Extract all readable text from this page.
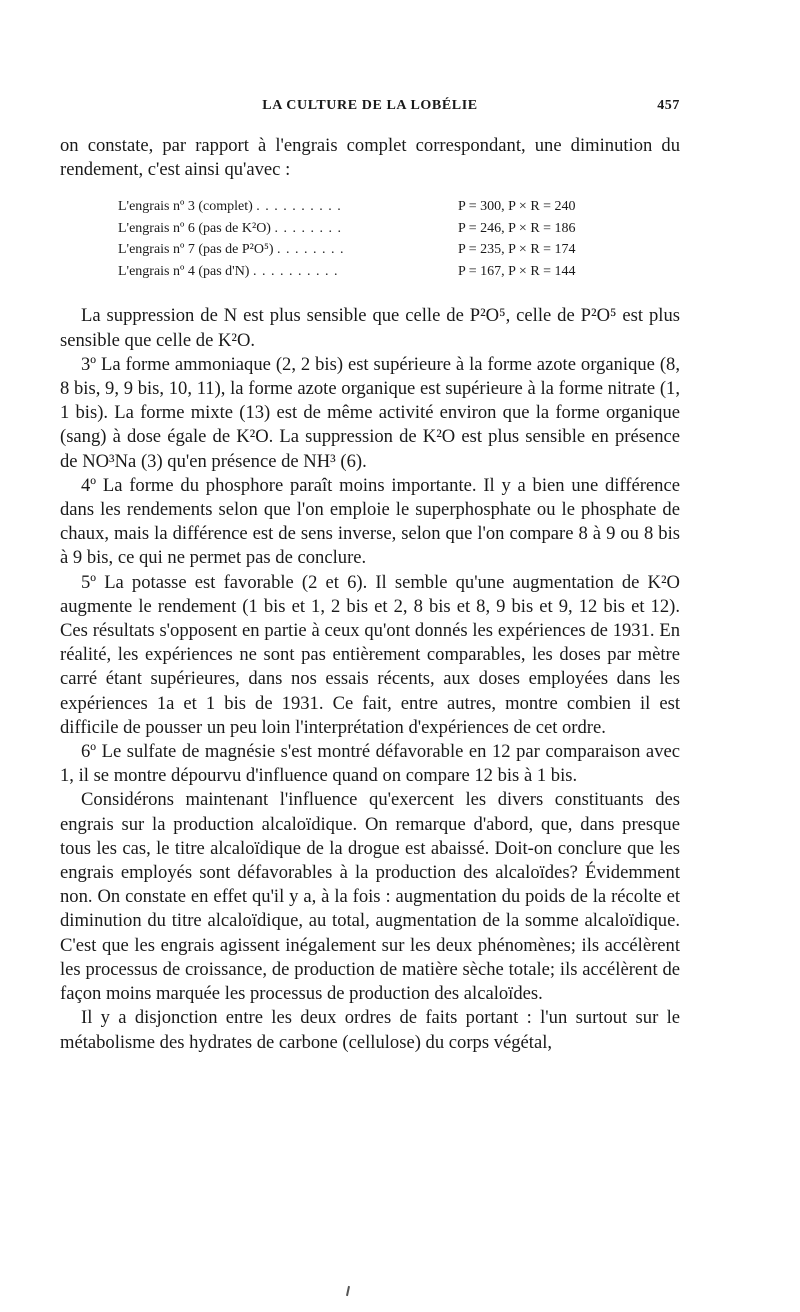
LA CULTURE DE LA LOBÉLIE	457

on constate, par rapport à l'engrais complet correspondant, une diminution du rendement, c'est ainsi qu'avec :

L'engrais nº 3 (complet) . . . . . . . . . .	P = 300, P × R = 240
L'engrais nº 6 (pas de K²O) . . . . . . . .	P = 246, P × R = 186
L'engrais nº 7 (pas de P²O⁵) . . . . . . . .	P = 235, P × R = 174
L'engrais nº 4 (pas d'N) . . . . . . . . . .	P = 167, P × R = 144

La suppression de N est plus sensible que celle de P²O⁵, celle de P²O⁵ est plus sensible que celle de K²O.

3º La forme ammoniaque (2, 2 bis) est supérieure à la forme azote organique (8, 8 bis, 9, 9 bis, 10, 11), la forme azote organique est supérieure à la forme nitrate (1, 1 bis). La forme mixte (13) est de même activité environ que la forme organique (sang) à dose égale de K²O. La suppression de K²O est plus sensible en présence de NO³Na (3) qu'en présence de NH³ (6).

4º La forme du phosphore paraît moins importante. Il y a bien une différence dans les rendements selon que l'on emploie le superphosphate ou le phosphate de chaux, mais la différence est de sens inverse, selon que l'on compare 8 à 9 ou 8 bis à 9 bis, ce qui ne permet pas de conclure.

5º La potasse est favorable (2 et 6). Il semble qu'une augmentation de K²O augmente le rendement (1 bis et 1, 2 bis et 2, 8 bis et 8, 9 bis et 9, 12 bis et 12). Ces résultats s'opposent en partie à ceux qu'ont donnés les expériences de 1931. En réalité, les expériences ne sont pas entièrement comparables, les doses par mètre carré étant supérieures, dans nos essais récents, aux doses employées dans les expériences 1a et 1 bis de 1931. Ce fait, entre autres, montre combien il est difficile de pousser un peu loin l'interprétation d'expériences de cet ordre.

6º Le sulfate de magnésie s'est montré défavorable en 12 par comparaison avec 1, il se montre dépourvu d'influence quand on compare 12 bis à 1 bis.

Considérons maintenant l'influence qu'exercent les divers constituants des engrais sur la production alcaloïdique. On remarque d'abord, que, dans presque tous les cas, le titre alcaloïdique de la drogue est abaissé. Doit-on conclure que les engrais employés sont défavorables à la production des alcaloïdes? Évidemment non. On constate en effet qu'il y a, à la fois : augmentation du poids de la récolte et diminution du titre alcaloïdique, au total, augmentation de la somme alcaloïdique. C'est que les engrais agissent inégalement sur les deux phénomènes; ils accélèrent les processus de croissance, de production de matière sèche totale; ils accélèrent de façon moins marquée les processus de production des alcaloïdes.

Il y a disjonction entre les deux ordres de faits portant : l'un surtout sur le métabolisme des hydrates de carbone (cellulose) du corps végétal,
